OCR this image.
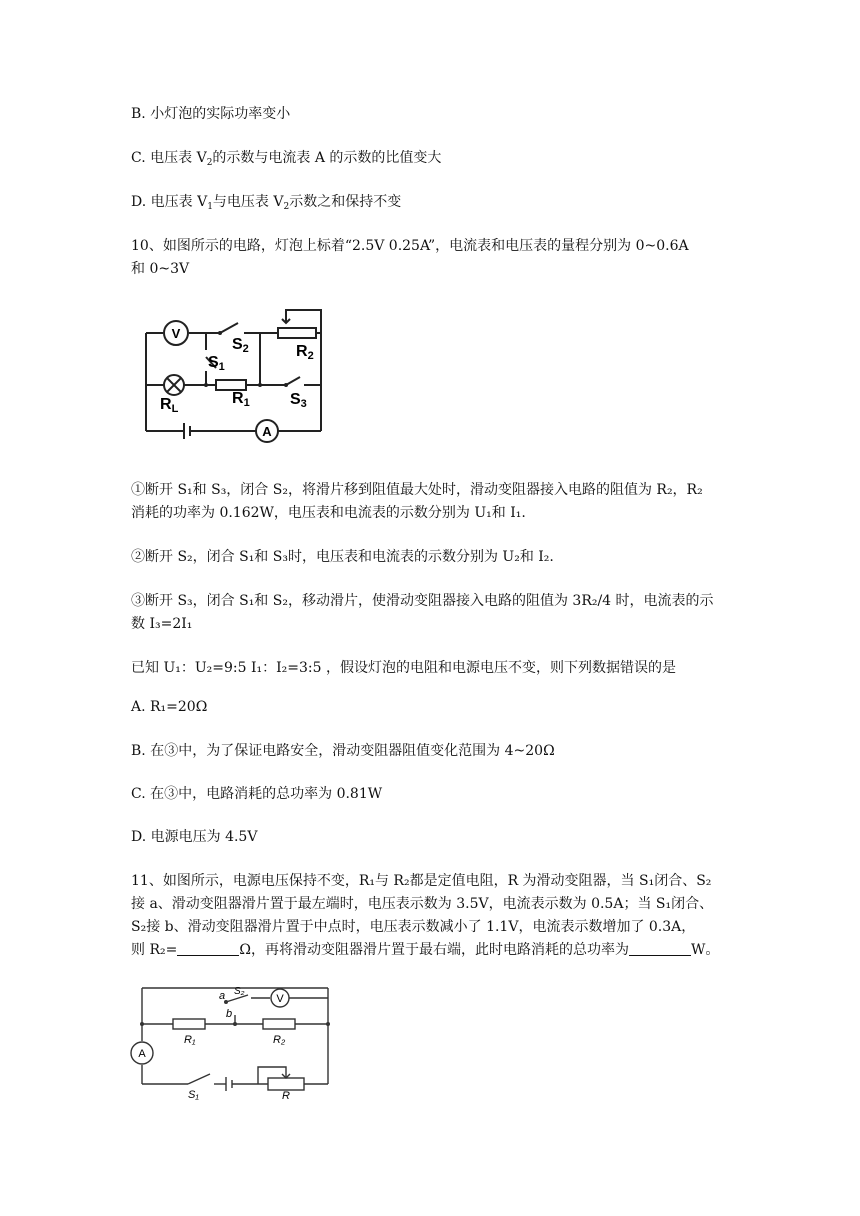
B. 小灯泡的实际功率变小
C. 电压表 $V_2$的示数与电流表 A 的示数的比值变大
D. 电压表 $V_1$与电压表 $V_2$示数之和保持不变
10、如图所示的电路，灯泡上标着“2.5V 0.25A”，电流表和电压表的量程分别为 0~0.6A
和 0~3V
V
A
S2
S1
R2
R1
RL
S3
①断开 S₁和 S₃，闭合 S₂，将滑片移到阻值最大处时，滑动变阻器接入电路的阻值为 R₂，R₂
消耗的功率为 0.162W，电压表和电流表的示数分别为 U₁和 I₁.
②断开 S₂，闭合 S₁和 S₃时，电压表和电流表的示数分别为 U₂和 I₂.
③断开 S₃，闭合 S₁和 S₂，移动滑片，使滑动变阻器接入电路的阻值为 3R₂/4 时，电流表的示
数 I₃=2I₁
已知 U₁：U₂=9:5 I₁：I₂=3:5 ，假设灯泡的电阻和电源电压不变，则下列数据错误的是
A. R₁=20Ω
B. 在③中，为了保证电路安全，滑动变阻器阻值变化范围为 4~20Ω
C. 在③中，电路消耗的总功率为 0.81W
D. 电源电压为 4.5V
11、如图所示，电源电压保持不变，R₁与 R₂都是定值电阻，R 为滑动变阻器，当 S₁闭合、S₂
接 a、滑动变阻器滑片置于最左端时，电压表示数为 3.5V，电流表示数为 0.5A；当 S₁闭合、
S₂接 b、滑动变阻器滑片置于中点时，电压表示数减小了 1.1V，电流表示数增加了 0.3A，
则 R₂=	Ω，再将滑动变阻器滑片置于最右端，此时电路消耗的总功率为	W。
V
A
a
b
S₂
R₁	R₂
S₁	R
